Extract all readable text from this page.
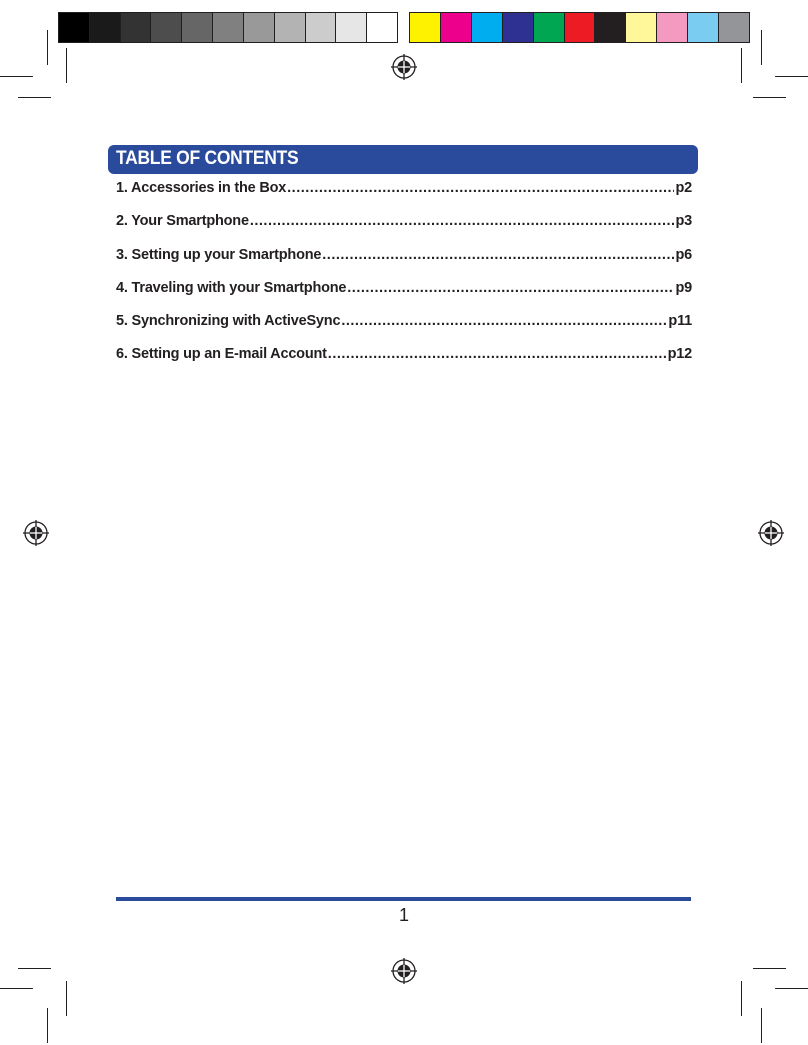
TABLE OF CONTENTS
1. Accessories in the Box .....	p2
2. Your Smartphone .....	p3
3. Setting up your Smartphone .....	p6
4. Traveling with your Smartphone .....	p9
5. Synchronizing with ActiveSync .....	p11
6. Setting up an E-mail Account .....	p12
1
